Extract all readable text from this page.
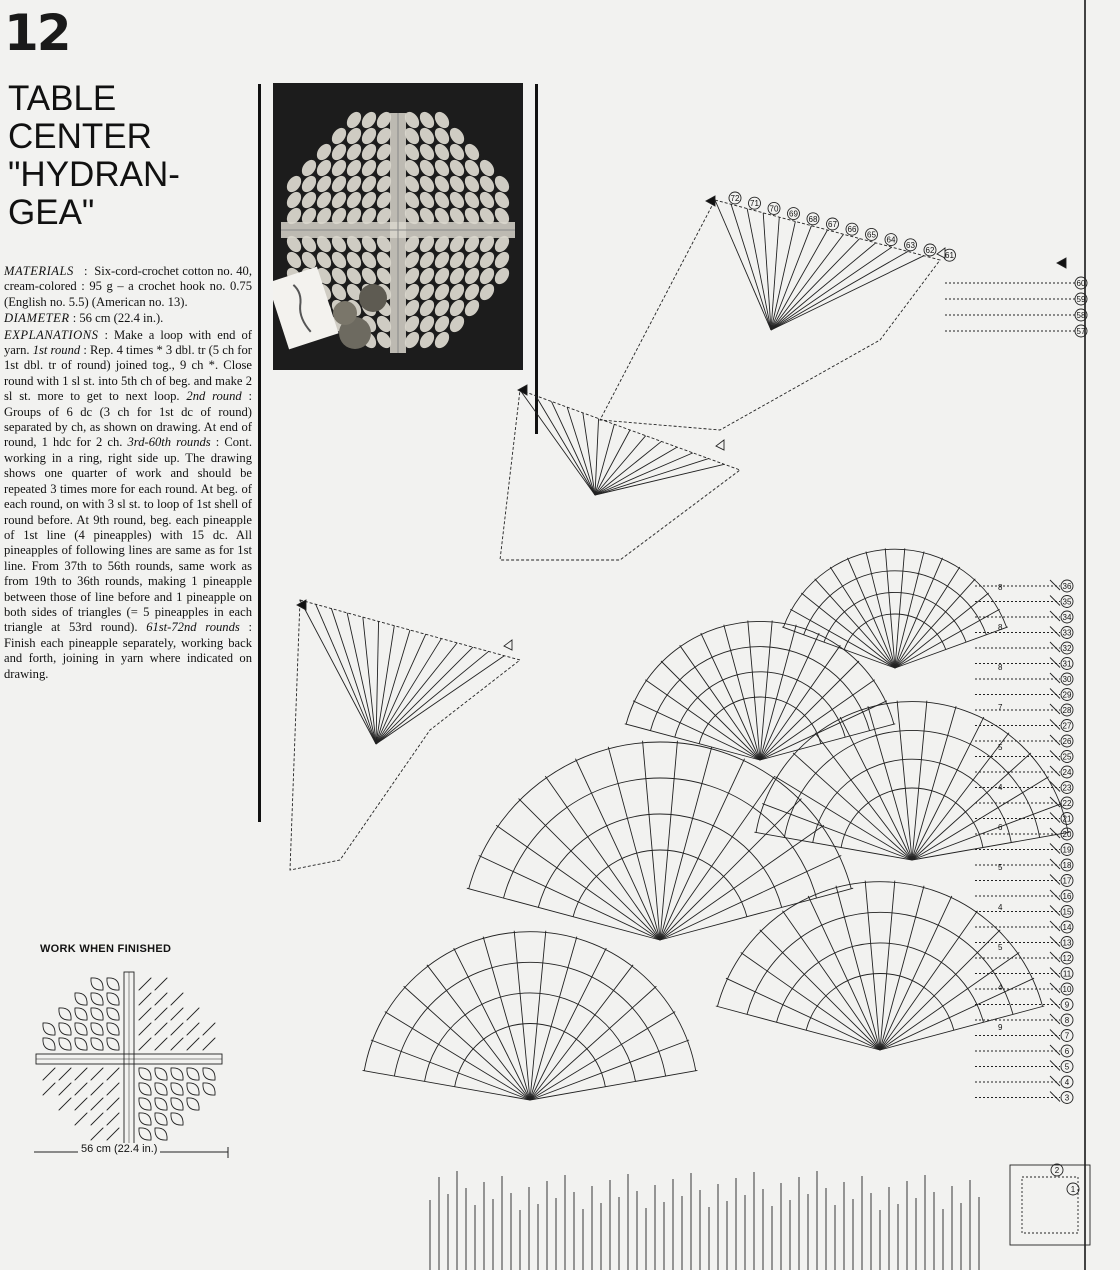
12
TABLE
CENTER
"HYDRAN-
GEA"

MATERIALS : Six-cord-crochet cotton no. 40, cream-colored : 95 g – a crochet hook no. 0.75 (English no. 5.5) (American no. 13).

DIAMETER : 56 cm (22.4 in.).

EXPLANATIONS : Make a loop with end of yarn. 1st round : Rep. 4 times * 3 dbl. tr (5 ch for 1st dbl. tr of round) joined tog., 9 ch *. Close round with 1 sl st. into 5th ch of beg. and make 2 sl st. more to get to next loop. 2nd round : Groups of 6 dc (3 ch for 1st dc of round) separated by ch, as shown on drawing. At end of round, 1 hdc for 2 ch. 3rd-60th rounds : Cont. working in a ring, right side up. The drawing shows one quarter of work and should be repeated 3 times more for each round. At beg. of each round, on with 3 sl st. to loop of 1st shell of round before. At 9th round, beg. each pineapple of 1st line (4 pineapples) with 15 dc. All pineapples of following lines are same as for 1st line. From 37th to 56th rounds, same work as from 19th to 36th rounds, making 1 pineapple between those of line before and 1 pineapple on both sides of triangles (= 5 pineapples in each triangle at 53rd round). 61st-72nd rounds : Finish each pineapple separately, working back and forth, joining in yarn where indicated on drawing.

36
35
34
33
32
31
30
29
28
27
26
25
24
23
22
21
20
19
18
17
16
15
14
13
12
11
10
9
8
7
6
5
4
3
8
8
8
7
5
4
6
5
4
5
4
9
72
71
70
69
68
67
66
65
64
63
62
61
60
59
58
57
2
1
WORK WHEN FINISHED
56 cm (22.4 in.)
